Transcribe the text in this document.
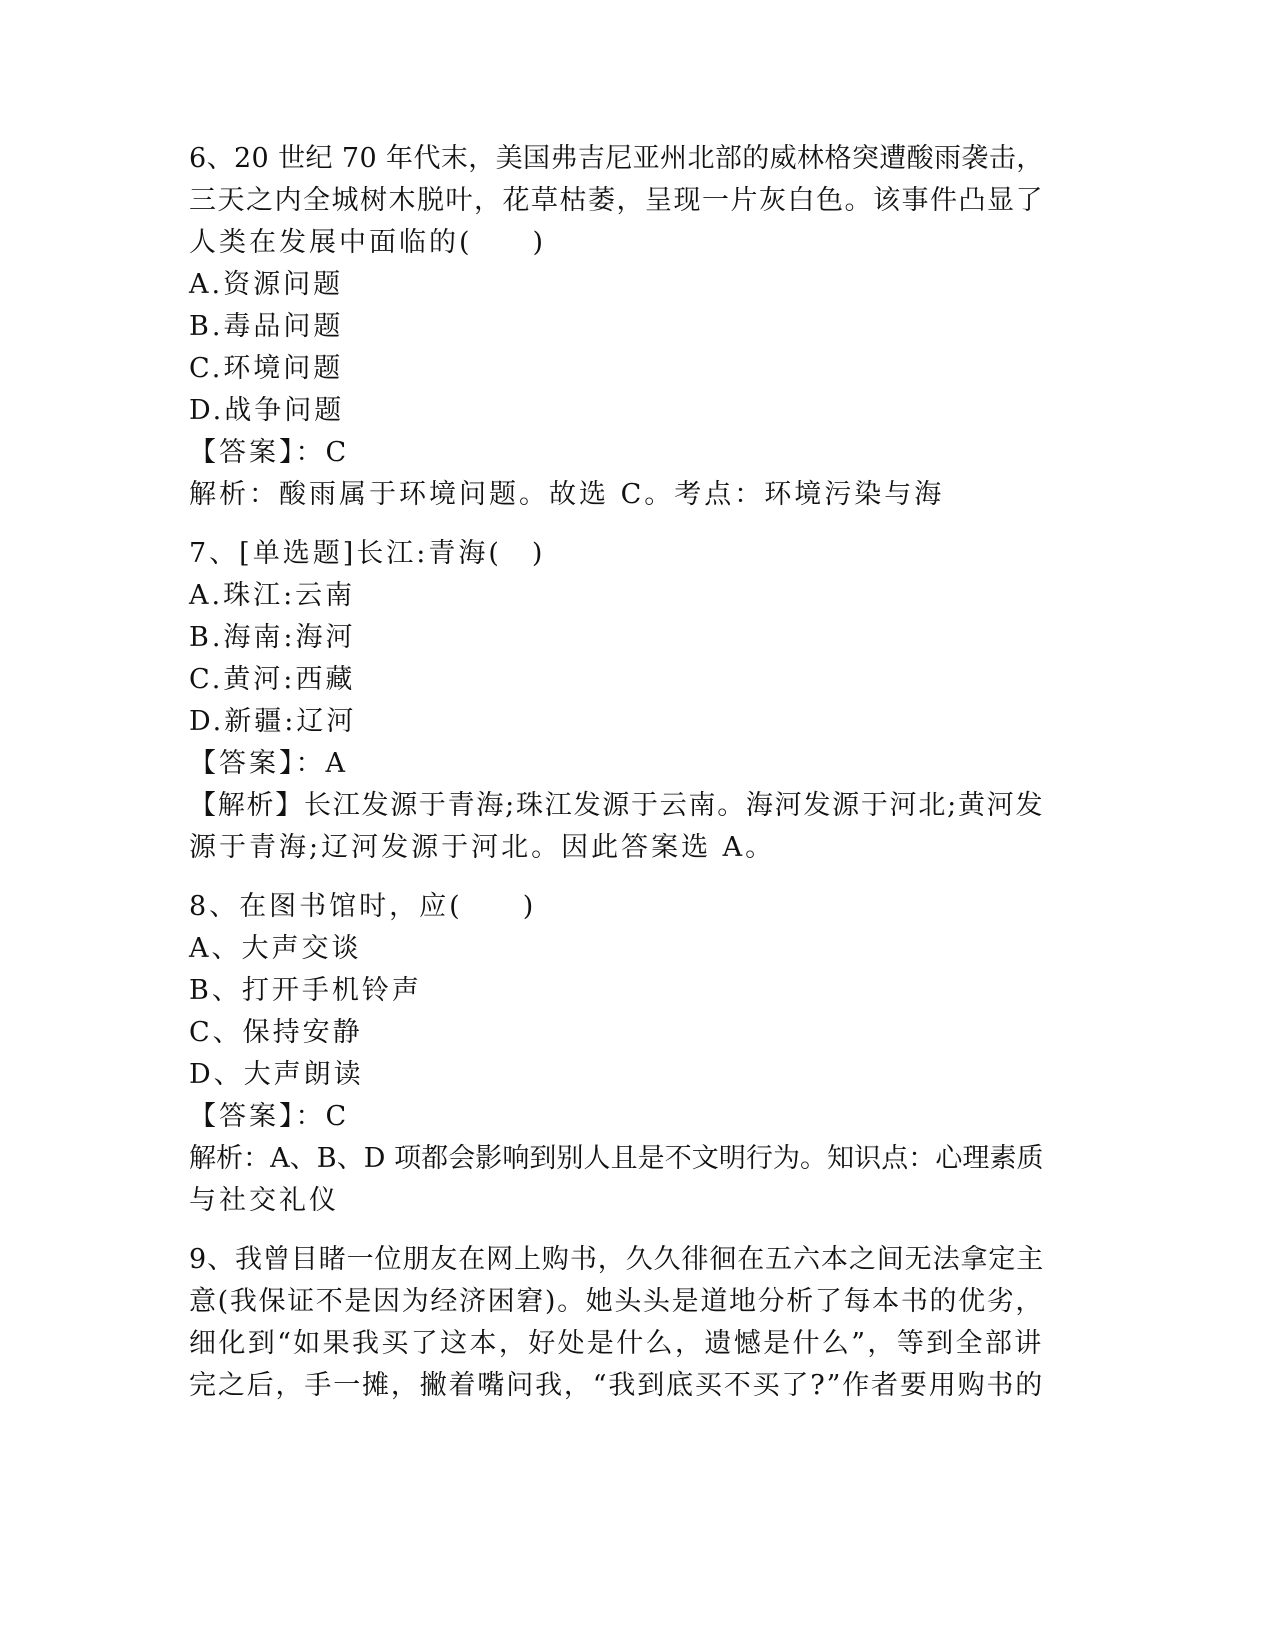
6、20 世纪 70 年代末，美国弗吉尼亚州北部的威林格突遭酸雨袭击，
三天之内全城树木脱叶，花草枯萎，呈现一片灰白色。该事件凸显了
人类在发展中面临的(　　)
A.资源问题
B.毒品问题
C.环境问题
D.战争问题
【答案】：C
解析：酸雨属于环境问题。故选 C。考点：环境污染与海
7、[单选题]长江:青海(　)
A.珠江:云南
B.海南:海河
C.黄河:西藏
D.新疆:辽河
【答案】：A
【解析】长江发源于青海;珠江发源于云南。海河发源于河北;黄河发
源于青海;辽河发源于河北。因此答案选 A。
8、在图书馆时，应(　　)
A、大声交谈
B、打开手机铃声
C、保持安静
D、大声朗读
【答案】：C
解析：A、B、D 项都会影响到别人且是不文明行为。知识点：心理素质
与社交礼仪
9、我曾目睹一位朋友在网上购书，久久徘徊在五六本之间无法拿定主
意(我保证不是因为经济困窘)。她头头是道地分析了每本书的优劣，
细化到“如果我买了这本，好处是什么，遗憾是什么”，等到全部讲
完之后，手一摊，撇着嘴问我，“我到底买不买了?”作者要用购书的
